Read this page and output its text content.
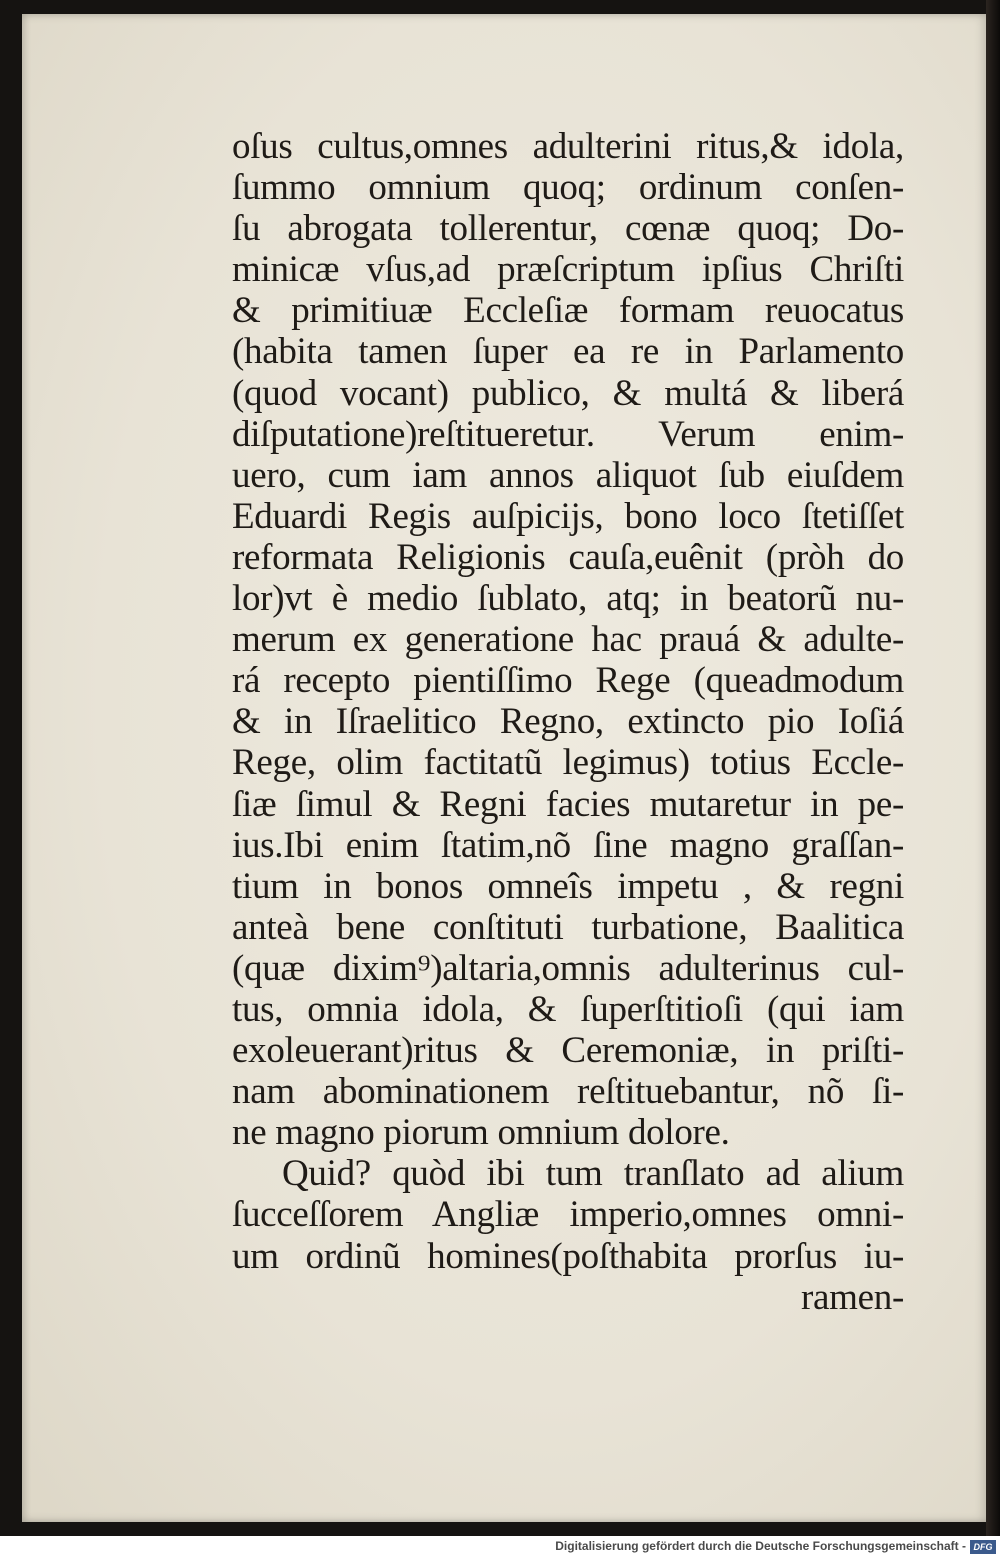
oſus cultus,omnes adulterini ritus,& idola,
ſummo omnium quoq; ordinum conſen-
ſu abrogata tollerentur, cœnæ quoq; Do-
minicæ vſus,ad præſcriptum ipſius Chriſti
& primitiuæ Eccleſiæ formam reuocatus
(habita tamen ſuper ea re in Parlamento
(quod vocant) publico, & multá & liberá
diſputatione)reſtitueretur. Verum enim-
uero, cum iam annos aliquot ſub eiuſdem
Eduardi Regis auſpicijs, bono loco ſtetiſſet
reformata Religionis cauſa,euênit (pròh do
lor)vt è medio ſublato, atq; in beatorũ nu-
merum ex generatione hac prauá & adulte-
rá recepto pientiſſimo Rege (queadmodum
& in Iſraelitico Regno, extincto pio Ioſiá
Rege, olim factitatũ legimus) totius Eccle-
ſiæ ſimul & Regni facies mutaretur in pe-
ius.Ibi enim ſtatim,nõ ſine magno graſſan-
tium in bonos omneîs impetu , & regni
anteà bene conſtituti turbatione, Baalitica
(quæ dixim⁹)altaria,omnis adulterinus cul-
tus, omnia idola, & ſuperſtitioſi (qui iam
exoleuerant)ritus & Ceremoniæ, in priſti-
nam abominationem reſtituebantur, nõ ſi-
ne magno piorum omnium dolore.
Quid? quòd ibi tum tranſlato ad alium
ſucceſſorem Angliæ imperio,omnes omni-
um ordinũ homines(poſthabita prorſus iu-
ramen-
Digitalisierung gefördert durch die Deutsche Forschungsgemeinschaft - DFG
